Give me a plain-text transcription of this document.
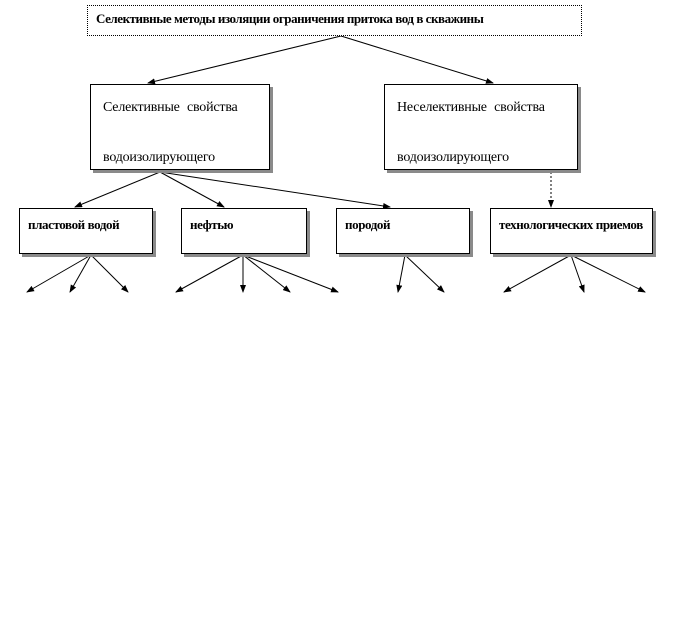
Селективные методы изоляции ограничения притока вод в скважины
Селективные свойства
водоизолирующего
Неселективные свойства
водоизолирующего
пластовой водой	нефтью	породой	технологических приемов
